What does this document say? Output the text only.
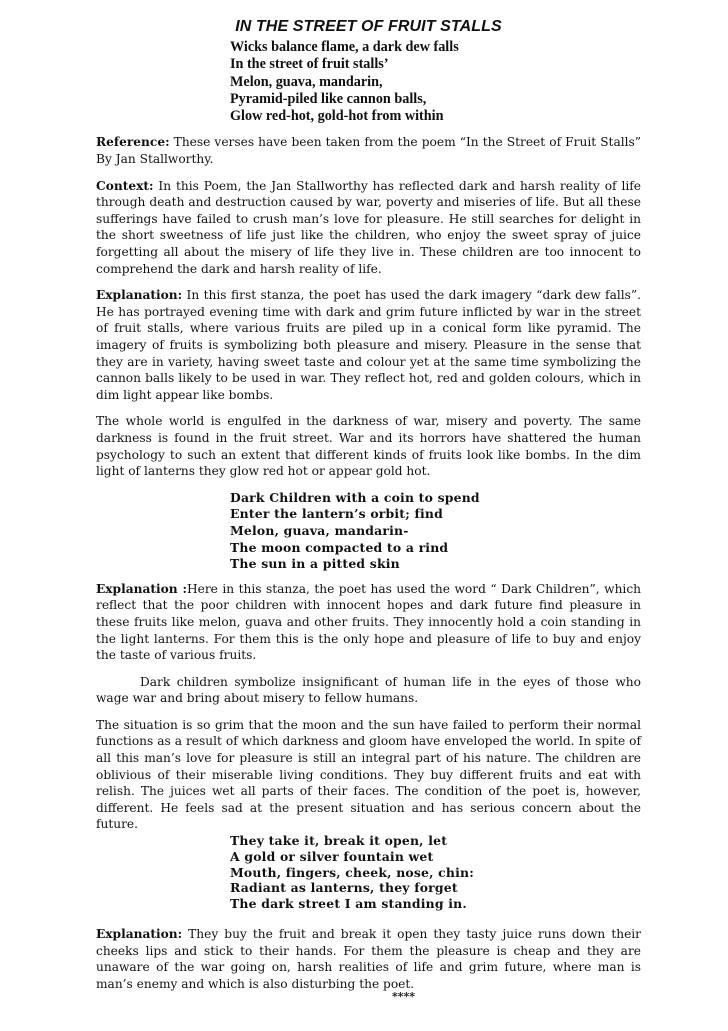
IN THE STREET OF FRUIT STALLS
Wicks balance flame, a dark dew falls
In the street of fruit stalls’
Melon, guava, mandarin,
Pyramid-piled like cannon balls,
Glow red-hot, gold-hot from within

Reference: These verses have been taken from the poem “In the Street of Fruit Stalls” By Jan Stallworthy.

Context: In this Poem, the Jan Stallworthy has reflected dark and harsh reality of life through death and destruction caused by war, poverty and miseries of life. But all these sufferings have failed to crush man’s love for pleasure. He still searches for delight in the short sweetness of life just like the children, who enjoy the sweet spray of juice forgetting all about the misery of life they live in. These children are too innocent to comprehend the dark and harsh reality of life.

Explanation: In this first stanza, the poet has used the dark imagery “dark dew falls”. He has portrayed evening time with dark and grim future inflicted by war in the street of fruit stalls, where various fruits are piled up in a conical form like pyramid. The imagery of fruits is symbolizing both pleasure and misery. Pleasure in the sense that they are in variety, having sweet taste and colour yet at the same time symbolizing the cannon balls likely to be used in war. They reflect hot, red and golden colours, which in dim light appear like bombs.

The whole world is engulfed in the darkness of war, misery and poverty. The same darkness is found in the fruit street. War and its horrors have shattered the human psychology to such an extent that different kinds of fruits look like bombs. In the dim light of lanterns they glow red hot or appear gold hot.

Dark Children with a coin to spend
Enter the lantern’s orbit; find
Melon, guava, mandarin-
The moon compacted to a rind
The sun in a pitted skin

Explanation :Here in this stanza, the poet has used the word “ Dark Children”, which reflect that the poor children with innocent hopes and dark future find pleasure in these fruits like melon, guava and other fruits. They innocently hold a coin standing in the light lanterns. For them this is the only hope and pleasure of life to buy and enjoy the taste of various fruits.

Dark children symbolize insignificant of human life in the eyes of those who wage war and bring about misery to fellow humans.

The situation is so grim that the moon and the sun have failed to perform their normal functions as a result of which darkness and gloom have enveloped the world. In spite of all this man’s love for pleasure is still an integral part of his nature. The children are oblivious of their miserable living conditions. They buy different fruits and eat with relish. The juices wet all parts of their faces. The condition of the poet is, however, different. He feels sad at the present situation and has serious concern about the future.

They take it, break it open, let
A gold or silver fountain wet
Mouth, fingers, cheek, nose, chin:
Radiant as lanterns, they forget
The dark street I am standing in.

Explanation: They buy the fruit and break it open they tasty juice runs down their cheeks lips and stick to their hands. For them the pleasure is cheap and they are unaware of the war going on, harsh realities of life and grim future, where man is man’s enemy and which is also disturbing the poet.

****
